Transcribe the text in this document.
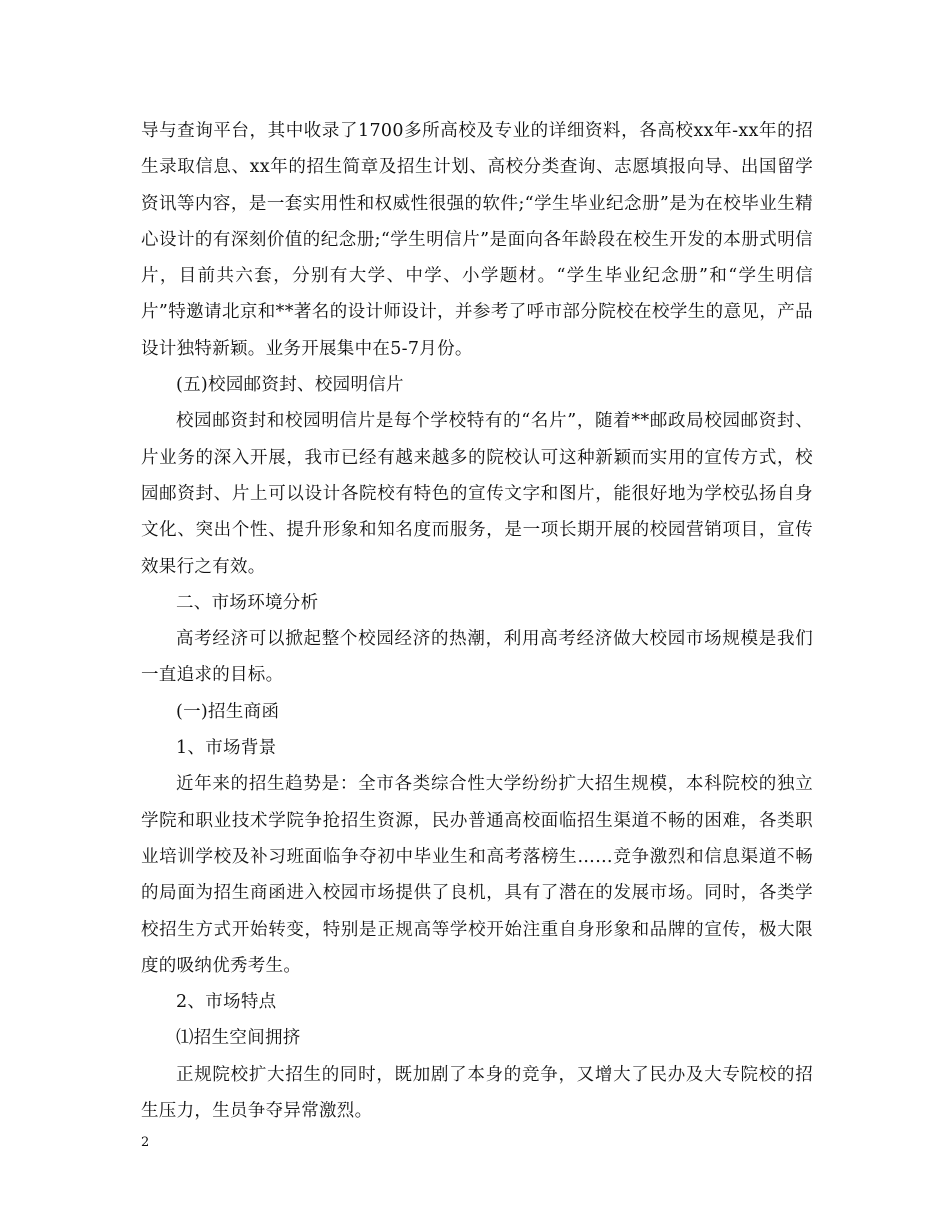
导与查询平台，其中收录了1700多所高校及专业的详细资料，各高校xx年-xx年的招生录取信息、xx年的招生简章及招生计划、高校分类查询、志愿填报向导、出国留学资讯等内容，是一套实用性和权威性很强的软件;“学生毕业纪念册”是为在校毕业生精心设计的有深刻价值的纪念册;“学生明信片”是面向各年龄段在校生开发的本册式明信片，目前共六套，分别有大学、中学、小学题材。“学生毕业纪念册”和“学生明信片”特邀请北京和**著名的设计师设计，并参考了呼市部分院校在校学生的意见，产品设计独特新颖。业务开展集中在5-7月份。

(五)校园邮资封、校园明信片

校园邮资封和校园明信片是每个学校特有的“名片”，随着**邮政局校园邮资封、片业务的深入开展，我市已经有越来越多的院校认可这种新颖而实用的宣传方式，校园邮资封、片上可以设计各院校有特色的宣传文字和图片，能很好地为学校弘扬自身文化、突出个性、提升形象和知名度而服务，是一项长期开展的校园营销项目，宣传效果行之有效。

二、市场环境分析

高考经济可以掀起整个校园经济的热潮，利用高考经济做大校园市场规模是我们一直追求的目标。

(一)招生商函

1、市场背景

近年来的招生趋势是：全市各类综合性大学纷纷扩大招生规模，本科院校的独立学院和职业技术学院争抢招生资源，民办普通高校面临招生渠道不畅的困难，各类职业培训学校及补习班面临争夺初中毕业生和高考落榜生……竞争激烈和信息渠道不畅的局面为招生商函进入校园市场提供了良机，具有了潜在的发展市场。同时，各类学校招生方式开始转变，特别是正规高等学校开始注重自身形象和品牌的宣传，极大限度的吸纳优秀考生。

2、市场特点

⑴招生空间拥挤

正规院校扩大招生的同时，既加剧了本身的竞争，又增大了民办及大专院校的招生压力，生员争夺异常激烈。

2
